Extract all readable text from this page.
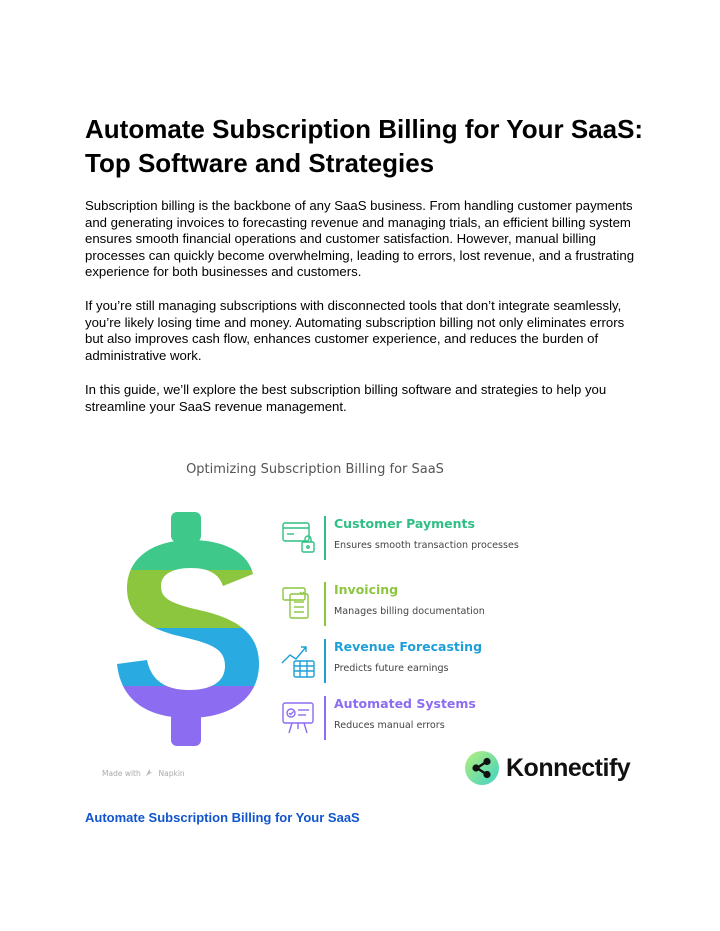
Automate Subscription Billing for Your SaaS: Top Software and Strategies
Subscription billing is the backbone of any SaaS business. From handling customer payments and generating invoices to forecasting revenue and managing trials, an efficient billing system ensures smooth financial operations and customer satisfaction. However, manual billing processes can quickly become overwhelming, leading to errors, lost revenue, and a frustrating experience for both businesses and customers.
If you’re still managing subscriptions with disconnected tools that don’t integrate seamlessly, you’re likely losing time and money. Automating subscription billing not only eliminates errors but also improves cash flow, enhances customer experience, and reduces the burden of administrative work.
In this guide, we’ll explore the best subscription billing software and strategies to help you streamline your SaaS revenue management.
Optimizing Subscription Billing for SaaS
Customer Payments
Ensures smooth transaction processes
Invoicing
Manages billing documentation
Revenue Forecasting
Predicts future earnings
Automated Systems
Reduces manual errors
Made with Napkin	Konnectify
Automate Subscription Billing for Your SaaS
